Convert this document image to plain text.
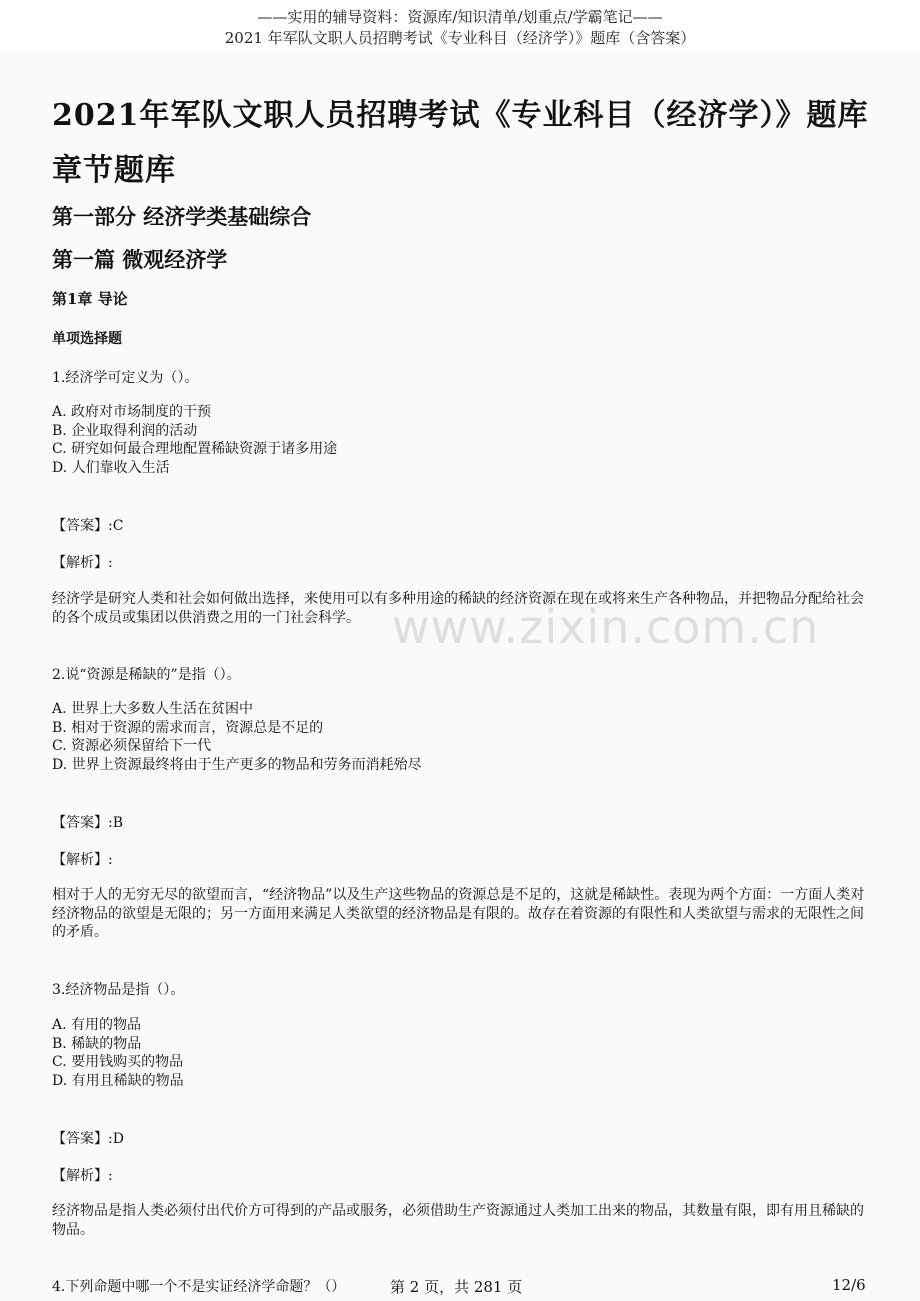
——实用的辅导资料：资源库/知识清单/划重点/学霸笔记——
2021 年军队文职人员招聘考试《专业科目（经济学）》题库（含答案）
2021年军队文职人员招聘考试《专业科目（经济学）》题库
章节题库
第一部分 经济学类基础综合
第一篇 微观经济学
第1章 导论
单项选择题
1.经济学可定义为（）。
A. 政府对市场制度的干预
B. 企业取得利润的活动
C. 研究如何最合理地配置稀缺资源于诸多用途
D. 人们靠收入生活
【答案】:C
【解析】:
经济学是研究人类和社会如何做出选择，来使用可以有多种用途的稀缺的经济资源在现在或将来生产各种物品，并把物品分配给社会的各个成员或集团以供消费之用的一门社会科学。 www.zixin.com.cn
2.说“资源是稀缺的”是指（）。
A. 世界上大多数人生活在贫困中
B. 相对于资源的需求而言，资源总是不足的
C. 资源必须保留给下一代
D. 世界上资源最终将由于生产更多的物品和劳务而消耗殆尽
【答案】:B
【解析】:
相对于人的无穷无尽的欲望而言，“经济物品”以及生产这些物品的资源总是不足的，这就是稀缺性。表现为两个方面：一方面人类对经济物品的欲望是无限的；另一方面用来满足人类欲望的经济物品是有限的。故存在着资源的有限性和人类欲望与需求的无限性之间的矛盾。
3.经济物品是指（）。
A. 有用的物品
B. 稀缺的物品
C. 要用钱购买的物品
D. 有用且稀缺的物品
【答案】:D
【解析】:
经济物品是指人类必须付出代价方可得到的产品或服务，必须借助生产资源通过人类加工出来的物品，其数量有限，即有用且稀缺的物品。
4.下列命题中哪一个不是实证经济学命题？（）	第 2 页，共 281 页	12/6
